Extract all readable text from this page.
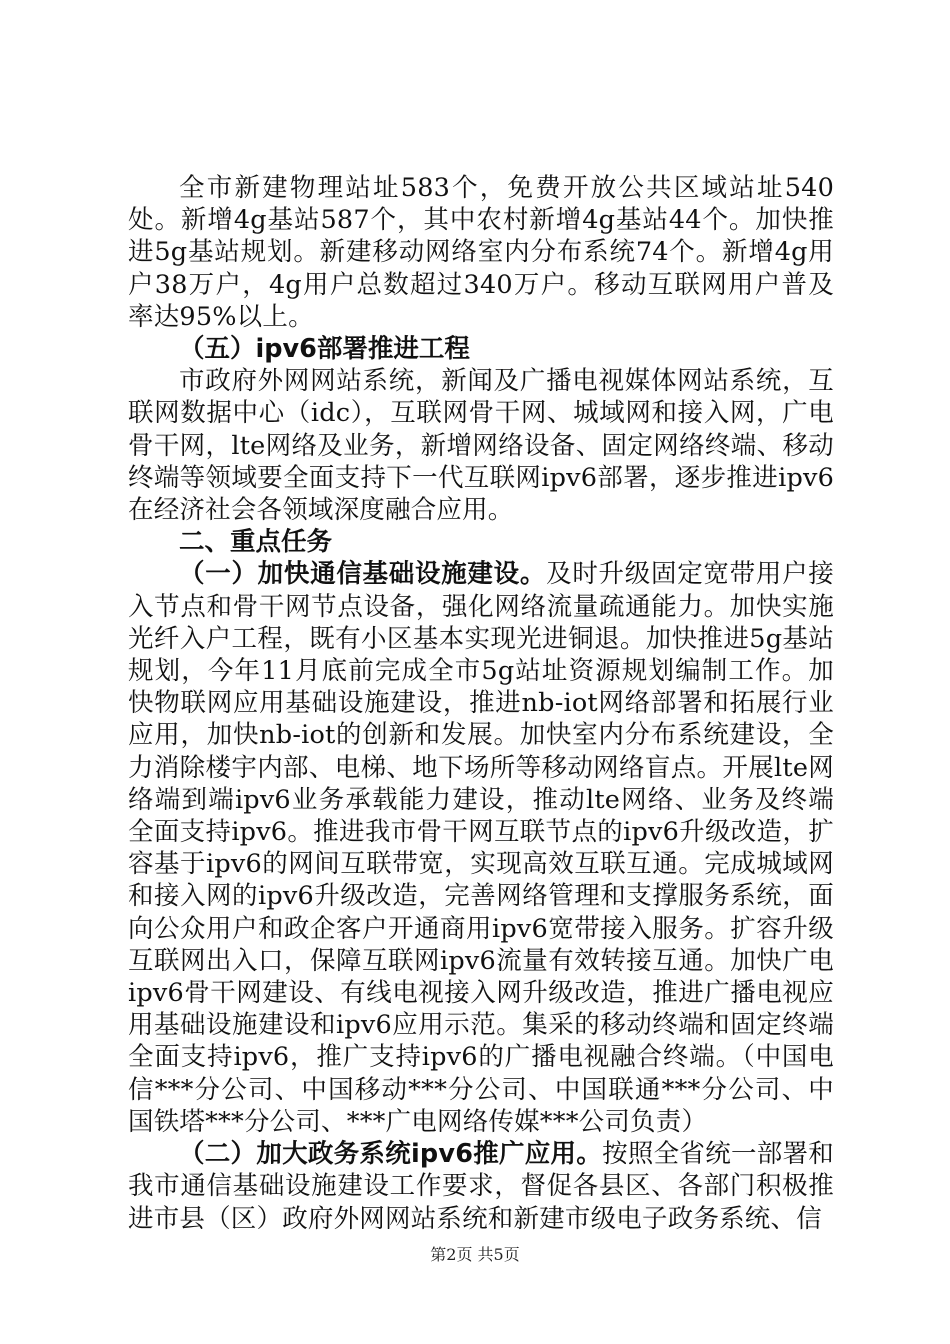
全市新建物理站址583个，免费开放公共区域站址540处。新增4g基站587个，其中农村新增4g基站44个。加快推进5g基站规划。新建移动网络室内分布系统74个。新增4g用户38万户，4g用户总数超过340万户。移动互联网用户普及率达95%以上。

（五）ipv6部署推进工程

市政府外网网站系统，新闻及广播电视媒体网站系统，互联网数据中心（idc），互联网骨干网、城域网和接入网，广电骨干网，lte网络及业务，新增网络设备、固定网络终端、移动终端等领域要全面支持下一代互联网ipv6部署，逐步推进ipv6在经济社会各领域深度融合应用。

二、重点任务

（一）加快通信基础设施建设。及时升级固定宽带用户接入节点和骨干网节点设备，强化网络流量疏通能力。加快实施光纤入户工程，既有小区基本实现光进铜退。加快推进5g基站规划，今年11月底前完成全市5g站址资源规划编制工作。加快物联网应用基础设施建设，推进nb-iot网络部署和拓展行业应用，加快nb-iot的创新和发展。加快室内分布系统建设，全力消除楼宇内部、电梯、地下场所等移动网络盲点。开展lte网络端到端ipv6业务承载能力建设，推动lte网络、业务及终端全面支持ipv6。推进我市骨干网互联节点的ipv6升级改造，扩容基于ipv6的网间互联带宽，实现高效互联互通。完成城域网和接入网的ipv6升级改造，完善网络管理和支撑服务系统，面向公众用户和政企客户开通商用ipv6宽带接入服务。扩容升级互联网出入口，保障互联网ipv6流量有效转接互通。加快广电ipv6骨干网建设、有线电视接入网升级改造，推进广播电视应用基础设施建设和ipv6应用示范。集采的移动终端和固定终端全面支持ipv6，推广支持ipv6的广播电视融合终端。（中国电信***分公司、中国移动***分公司、中国联通***分公司、中国铁塔***分公司、***广电网络传媒***公司负责）

（二）加大政务系统ipv6推广应用。按照全省统一部署和我市通信基础设施建设工作要求，督促各县区、各部门积极推进市县（区）政府外网网站系统和新建市级电子政务系统、信

第2页 共5页
